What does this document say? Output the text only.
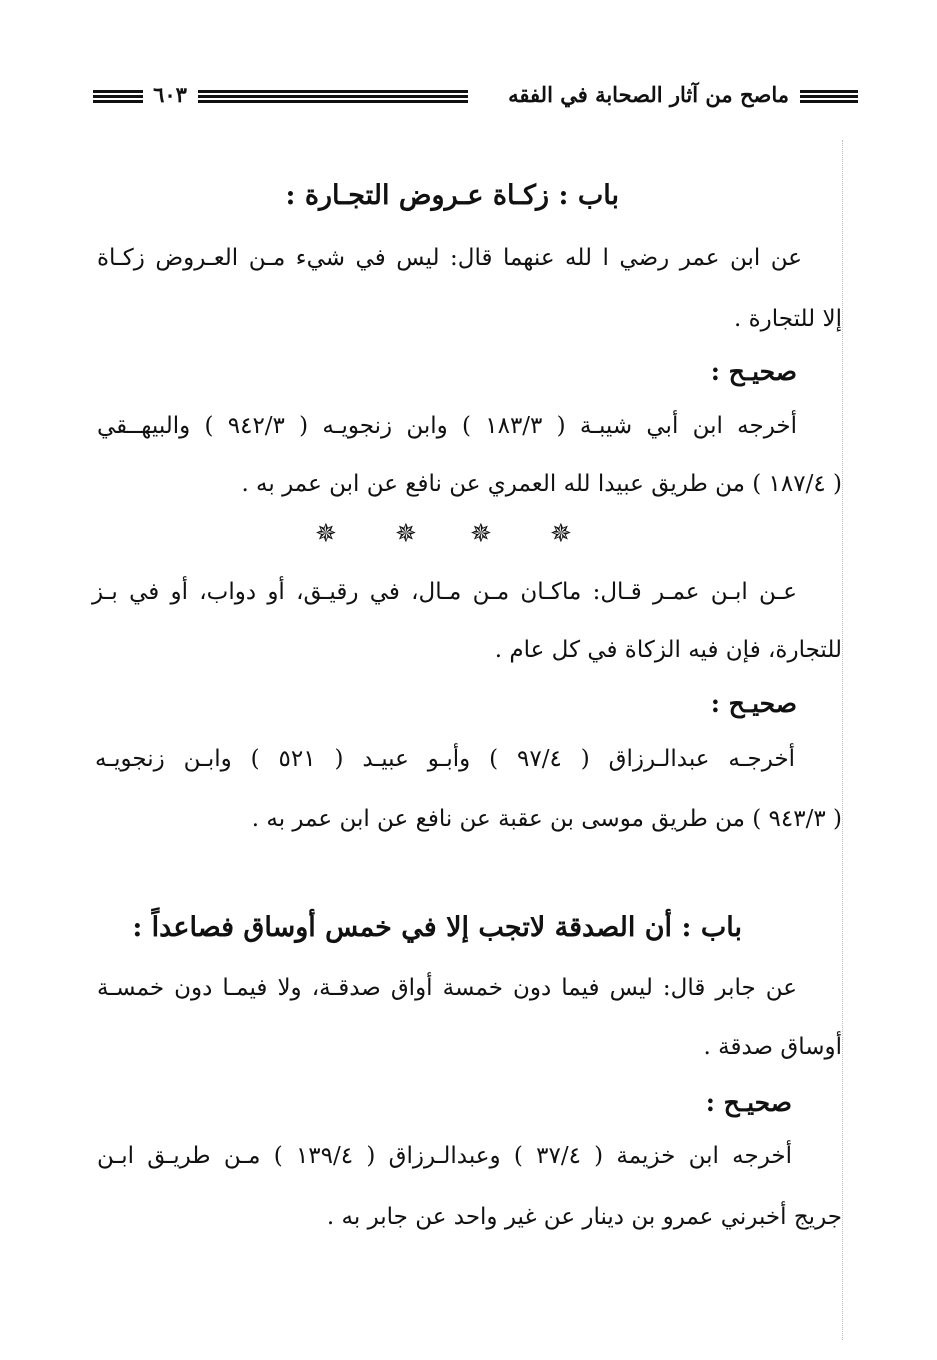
ماصح من آثار الصحابة في الفقه
٦٠٣
باب : زكـاة عـروض التجـارة :
عن ابن عمر رضي ا لله عنهما قال: ليس في شيء مـن العـروض زكـاة
إلا للتجارة .
صحيـح :
أخرجه ابن أبي شيبـة ( ١٨٣/٣ ) وابن زنجويـه ( ٩٤٢/٣ ) والبيهــقي
( ١٨٧/٤ ) من طريق عبيدا لله العمري عن نافع عن ابن عمر به .
✵
✵
✵
✵
عـن ابـن عمـر قـال: ماكـان مـن مـال، في رقيـق، أو دواب، أو في بـز
للتجارة، فإن فيه الزكاة في كل عام .
صحيـح :
أخرجـه عبدالـرزاق ( ٩٧/٤ ) وأبـو عبيـد ( ٥٢١ ) وابـن زنجويـه
( ٩٤٣/٣ ) من طريق موسى بن عقبة عن نافع عن ابن عمر به .
باب : أن الصدقة لاتجب إلا في خمس أوساق فصاعداً :
عن جابر قال: ليس فيما دون خمسة أواق صدقـة، ولا فيمـا دون خمسـة
أوساق صدقة .
صحيـح :
أخرجه ابن خزيمة ( ٣٧/٤ ) وعبدالـرزاق ( ١٣٩/٤ ) مـن طريـق ابـن
جريج أخبرني عمرو بن دينار عن غير واحد عن جابر به .
